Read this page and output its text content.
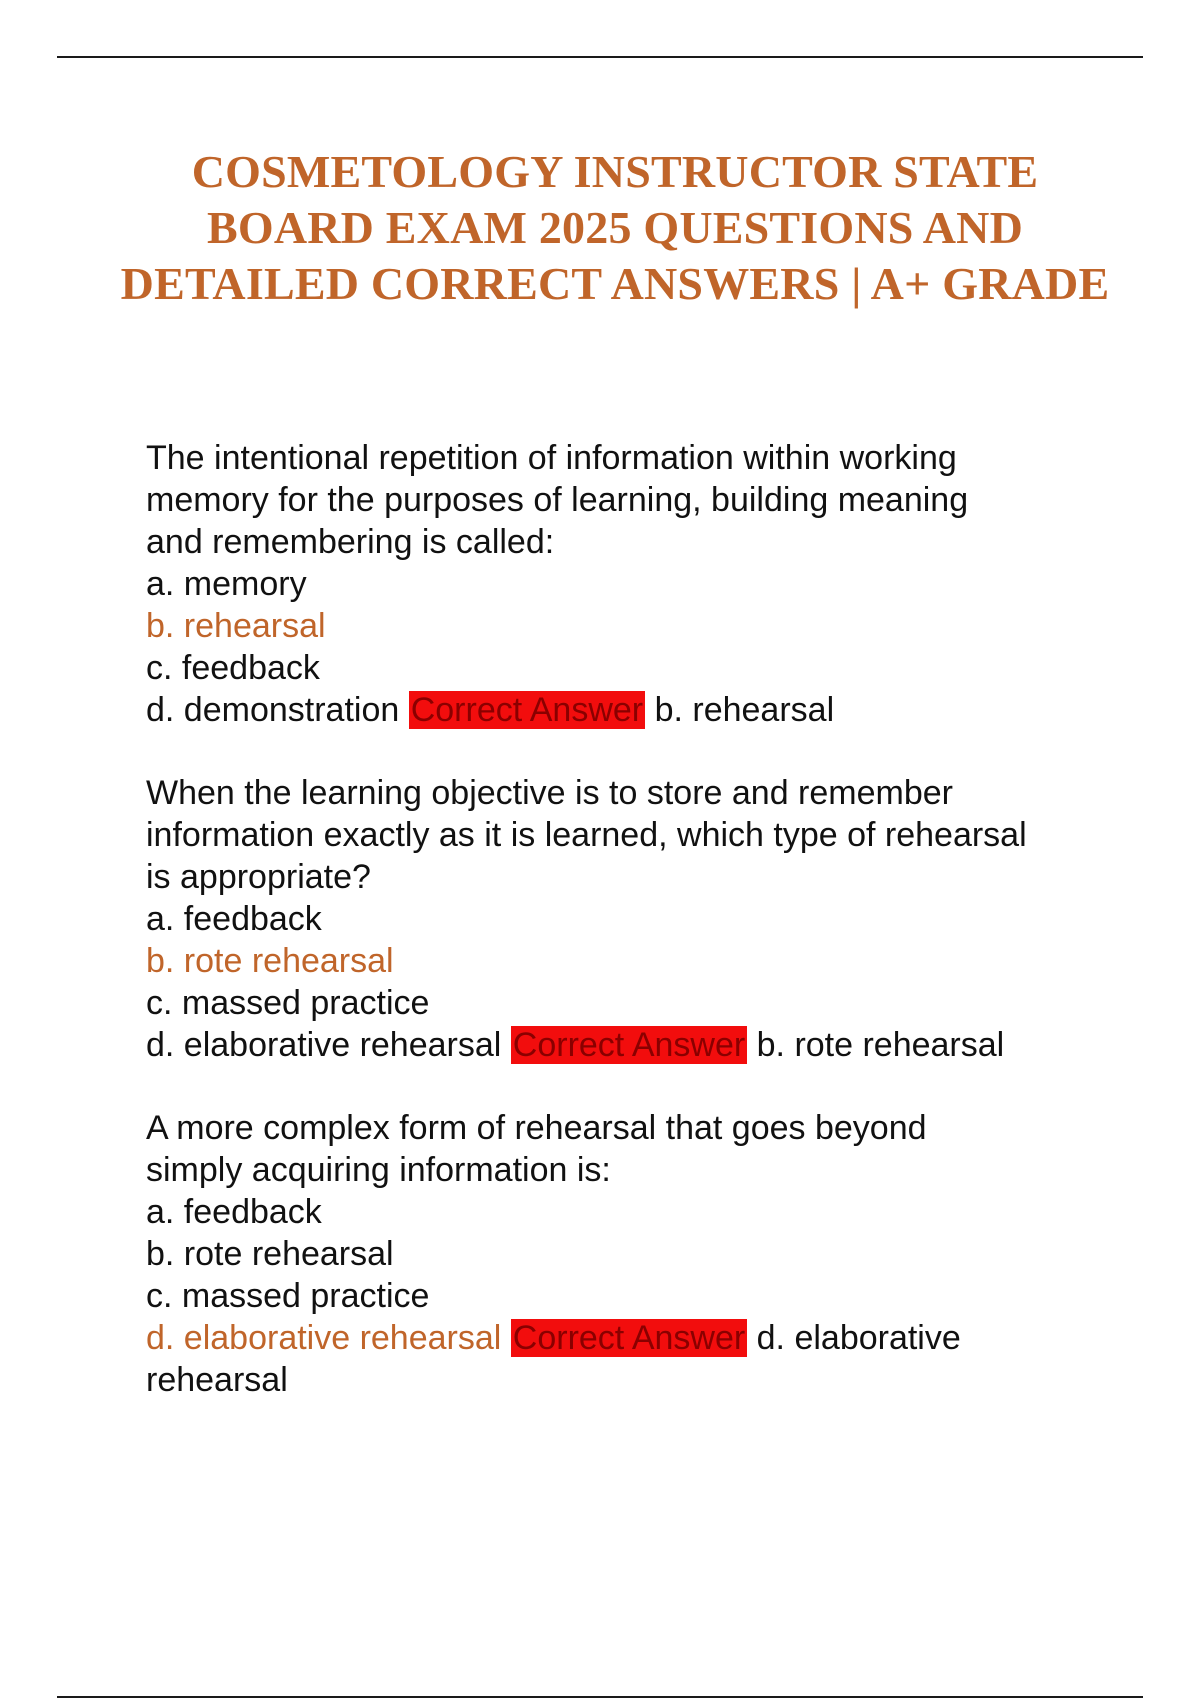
COSMETOLOGY INSTRUCTOR STATE BOARD EXAM 2025 QUESTIONS AND DETAILED CORRECT ANSWERS | A+ GRADE
The intentional repetition of information within working
memory for the purposes of learning, building meaning
and remembering is called:
a. memory
b. rehearsal
c. feedback
d. demonstration Correct Answer b. rehearsal
When the learning objective is to store and remember
information exactly as it is learned, which type of rehearsal
is appropriate?
a. feedback
b. rote rehearsal
c. massed practice
d. elaborative rehearsal Correct Answer b. rote rehearsal
A more complex form of rehearsal that goes beyond
simply acquiring information is:
a. feedback
b. rote rehearsal
c. massed practice
d. elaborative rehearsal Correct Answer d. elaborative
rehearsal
